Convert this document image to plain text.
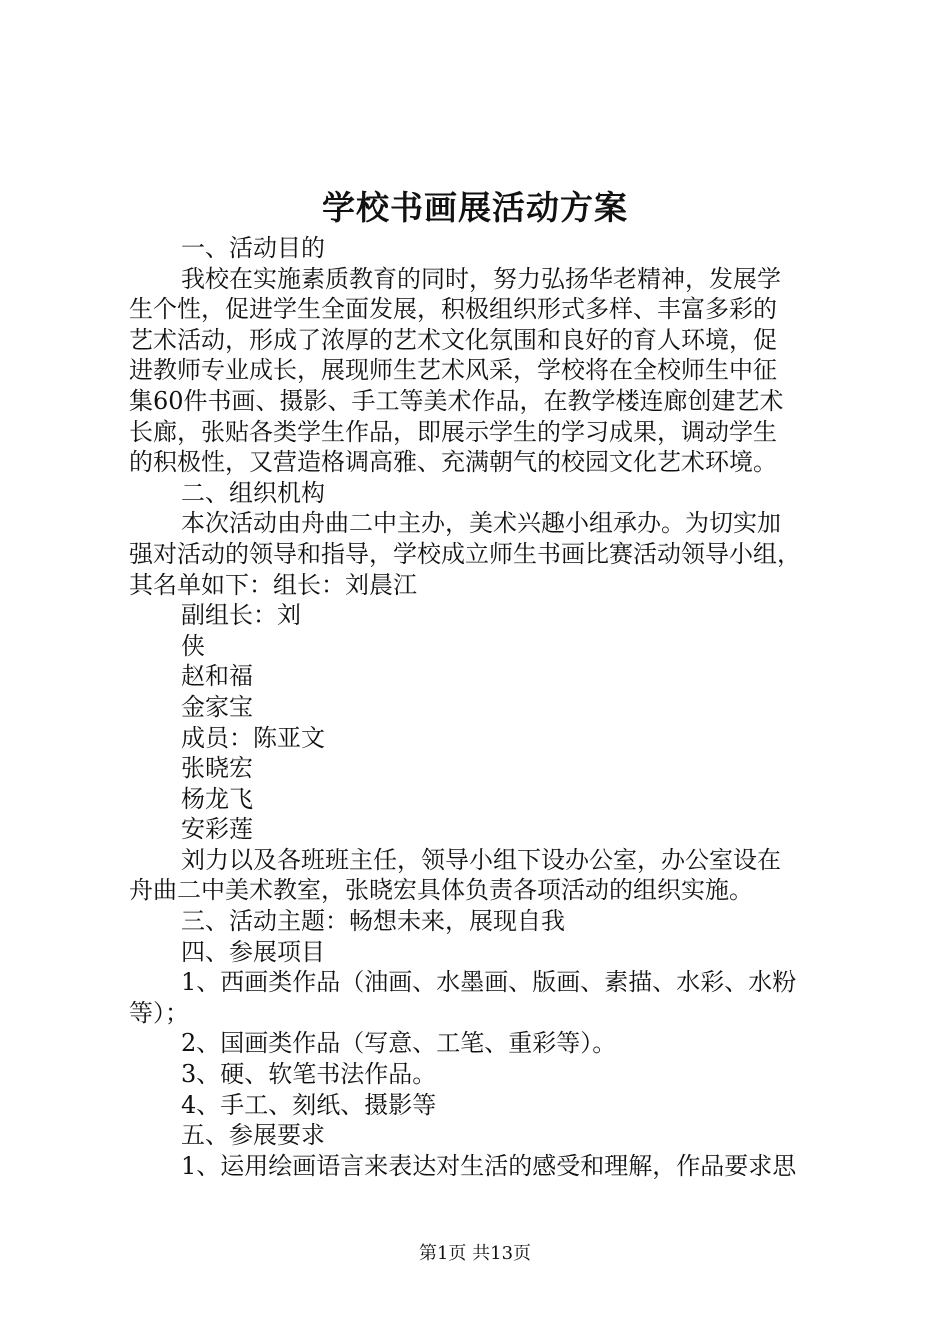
学校书画展活动方案
一、活动目的
我校在实施素质教育的同时，努力弘扬华老精神，发展学
生个性，促进学生全面发展，积极组织形式多样、丰富多彩的
艺术活动，形成了浓厚的艺术文化氛围和良好的育人环境，促
进教师专业成长，展现师生艺术风采，学校将在全校师生中征
集60件书画、摄影、手工等美术作品，在教学楼连廊创建艺术
长廊，张贴各类学生作品，即展示学生的学习成果，调动学生
的积极性，又营造格调高雅、充满朝气的校园文化艺术环境。
二、组织机构
本次活动由舟曲二中主办，美术兴趣小组承办。为切实加
强对活动的领导和指导，学校成立师生书画比赛活动领导小组，
其名单如下：组长：刘晨江
副组长：刘
侠
赵和福
金家宝
成员：陈亚文
张晓宏
杨龙飞
安彩莲
刘力以及各班班主任，领导小组下设办公室，办公室设在
舟曲二中美术教室，张晓宏具体负责各项活动的组织实施。
三、活动主题：畅想未来，展现自我
四、参展项目
1、西画类作品（油画、水墨画、版画、素描、水彩、水粉
等）；
2、国画类作品（写意、工笔、重彩等）。
3、硬、软笔书法作品。
4、手工、刻纸、摄影等
五、参展要求
1、运用绘画语言来表达对生活的感受和理解，作品要求思
第1页 共13页
